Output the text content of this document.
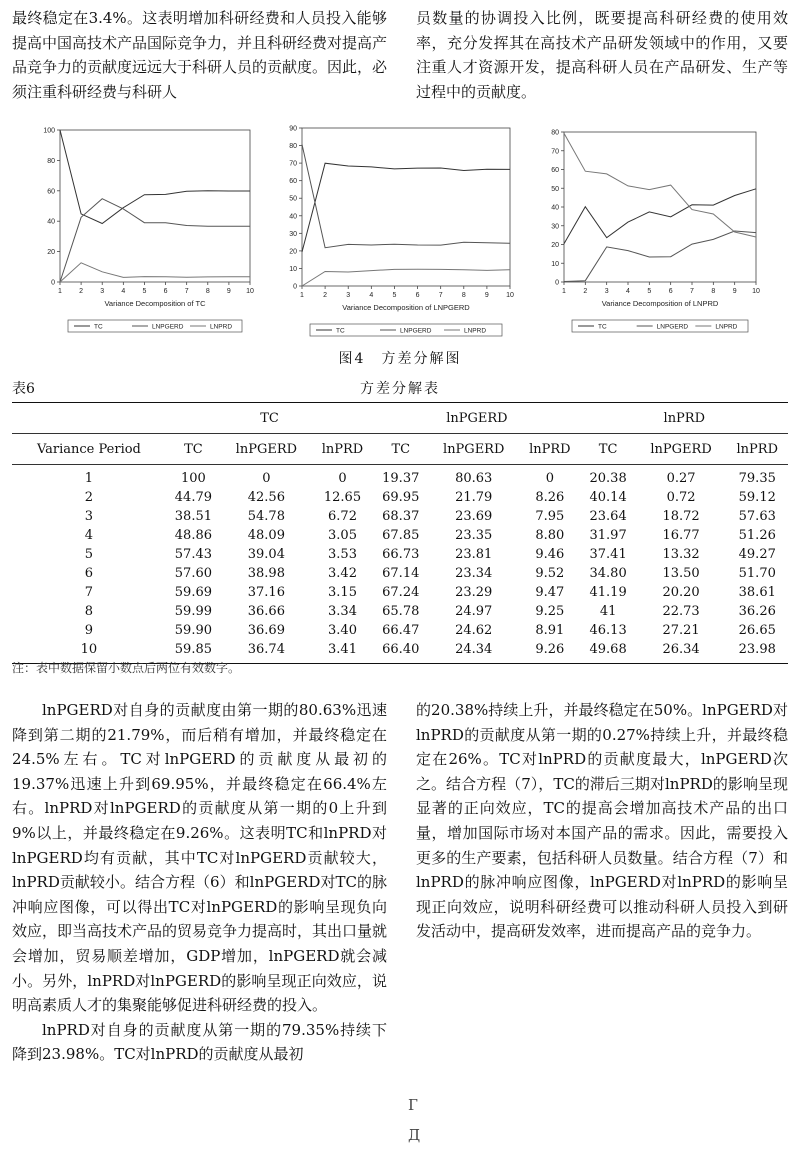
最终稳定在3.4%。这表明增加科研经费和人员投入能够提高中国高技术产品国际竞争力，并且科研经费对提高产品竞争力的贡献度远远大于科研人员的贡献度。因此，必须注重科研经费与科研人

员数量的协调投入比例，既要提高科研经费的使用效率，充分发挥其在高技术产品研发领域中的作用，又要注重人才资源开发，提高科研人员在产品研发、生产等过程中的贡献度。

0
20
40
60
80
100
1 2 3 4 5 6 7 8 9 10
Variance Decomposition of TC
TC	LNPGERD	LNPRD
0
10
20
30
40
50
60
70
80
90
1	2	3	4	5	6	7	8	9 10
Variance Decomposition of LNPGERD
TC	LNPGERD	LNPRD
0
10
20
30
40
50
60
70
80
1 2 3 4 5 6 7 8 9 10
Variance Decomposition of LNPRD
TC	LNPGERD	LNPRD
图4　方差分解图
表6	方差分解表
	TC			lnPGERD			lnPRD		
Variance Period	TC	lnPGERD	lnPRD	TC	lnPGERD	lnPRD	TC	lnPGERD	lnPRD
1	100	0	0	19.37	80.63	0	20.38	0.27	79.35
2	44.79	42.56	12.65	69.95	21.79	8.26	40.14	0.72	59.12
3	38.51	54.78	6.72	68.37	23.69	7.95	23.64	18.72	57.63
4	48.86	48.09	3.05	67.85	23.35	8.80	31.97	16.77	51.26
5	57.43	39.04	3.53	66.73	23.81	9.46	37.41	13.32	49.27
6	57.60	38.98	3.42	67.14	23.34	9.52	34.80	13.50	51.70
7	59.69	37.16	3.15	67.24	23.29	9.47	41.19	20.20	38.61
8	59.99	36.66	3.34	65.78	24.97	9.25	41	22.73	36.26
9	59.90	36.69	3.40	66.47	24.62	8.91	46.13	27.21	26.65
10	59.85	36.74	3.41	66.40	24.34	9.26	49.68	26.34	23.98
注：表中数据保留小数点后两位有效数字。

lnPGERD对自身的贡献度由第一期的80.63%迅速降到第二期的21.79%，而后稍有增加，并最终稳定在24.5%左右。TC对lnPGERD的贡献度从最初的19.37%迅速上升到69.95%，并最终稳定在66.4%左右。lnPRD对lnPGERD的贡献度从第一期的0上升到9%以上，并最终稳定在9.26%。这表明TC和lnPRD对lnPGERD均有贡献，其中TC对lnPGERD贡献较大，lnPRD贡献较小。结合方程（6）和lnPGERD对TC的脉冲响应图像，可以得出TC对lnPGERD的影响呈现负向效应，即当高技术产品的贸易竞争力提高时，其出口量就会增加，贸易顺差增加，GDP增加，lnPGERD就会减小。另外，lnPRD对lnPGERD的影响呈现正向效应，说明高素质人才的集聚能够促进科研经费的投入。

lnPRD对自身的贡献度从第一期的79.35%持续下降到23.98%。TC对lnPRD的贡献度从最初

的20.38%持续上升，并最终稳定在50%。lnPGERD对lnPRD的贡献度从第一期的0.27%持续上升，并最终稳定在26%。TC对lnPRD的贡献度最大，lnPGERD次之。结合方程（7），TC的滞后三期对lnPRD的影响呈现显著的正向效应，TC的提高会增加高技术产品的出口量，增加国际市场对本国产品的需求。因此，需要投入更多的生产要素，包括科研人员数量。结合方程（7）和lnPRD的脉冲响应图像，lnPGERD对lnPRD的影响呈现正向效应，说明科研经费可以推动科研人员投入到研发活动中，提高研发效率，进而提高产品的竞争力。

Г
Д
